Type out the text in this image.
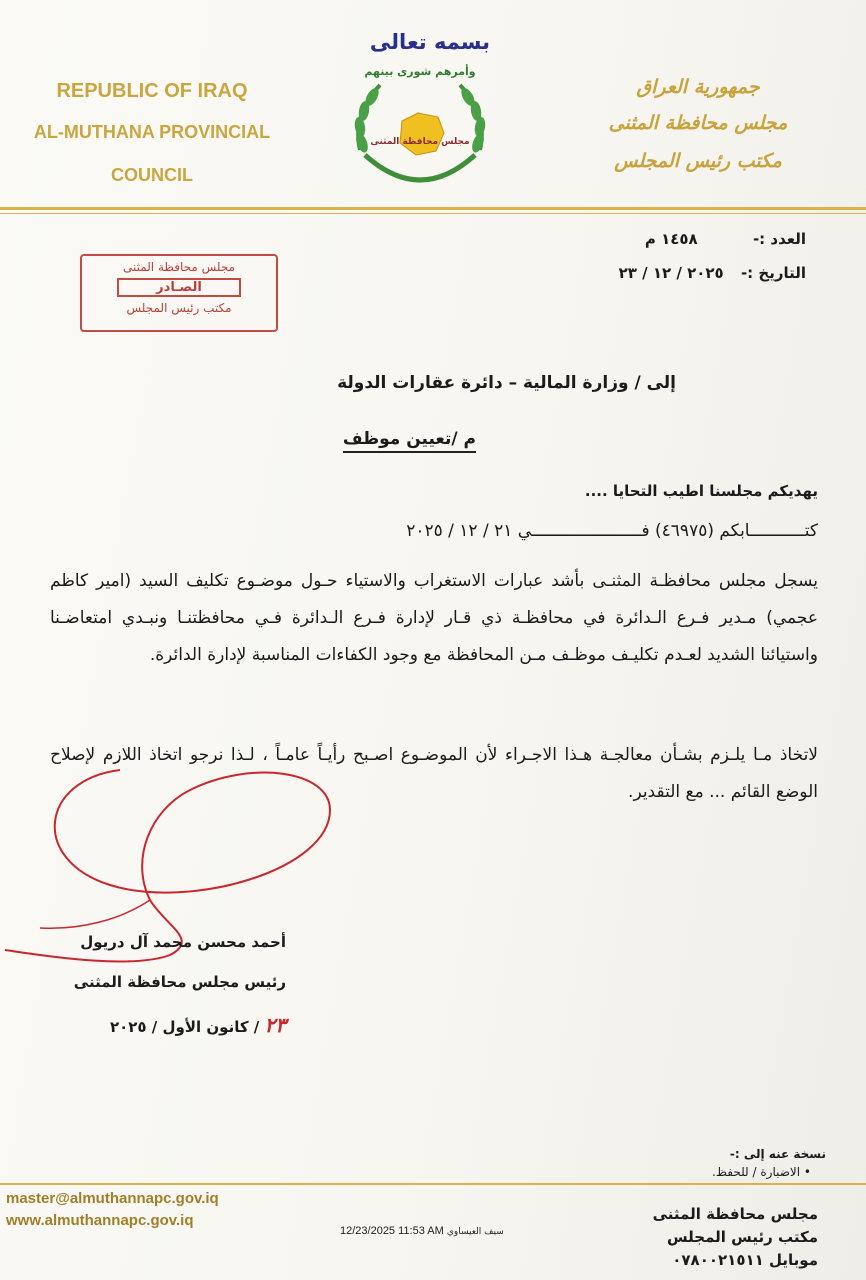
بسمه تعالى
REPUBLIC OF IRAQ
AL-MUTHANA PROVINCIAL
COUNCIL
وأمرهم شورى بينهم
مجلس محافظة المثنى
جمهورية العراق
مجلس محافظة المثنى
مكتب رئيس المجلس
العدد :- ١٤٥٨ م
التاريخ :- ٢٠٢٥ / ١٢ / ٢٣
مجلس محافظة المثنى
الصـادر
مكتب رئيس المجلس
إلى / وزارة المالية – دائرة عقارات الدولة
م /تعيين موظف
يهديكم مجلسنا اطيب التحايا ....
كتـــــــــــابكم (٤٦٩٧٥) فــــــــــــــــــــــي ٢١ / ١٢ / ٢٠٢٥
يسجل مجلس محافظـة المثنـى بأشد عبارات الاستغراب والاستياء حـول موضـوع تكليف السيد (امير كاظم عجمي) مـدير فـرع الـدائرة في محافظـة ذي قـار لإدارة فـرع الـدائرة فـي محافظتنـا ونبـدي امتعاضـنا واستيائنا الشديد لعـدم تكليـف موظـف مـن المحافظة مع وجود الكفاءات المناسبة لإدارة الدائرة.
لاتخاذ مـا يلـزم بشـأن معالجـة هـذا الاجـراء لأن الموضـوع اصـبح رأيـاً عامـاً ، لـذا نرجو اتخاذ اللازم لإصلاح الوضع القائم ... مع التقدير.
أحمد محسن محمد آل دريول
رئيس مجلس محافظة المثنى
٢٣ / كانون الأول / ٢٠٢٥
نسخة عنه إلى :-
• الاضبارة / للحفظ.
master@almuthannapc.gov.iq
www.almuthannapc.gov.iq
12/23/2025 11:53 AM سيف العيساوي
مجلس محافظة المثنى
مكتب رئيس المجلس
موبايل ٠٧٨٠٠٢١٥١١
